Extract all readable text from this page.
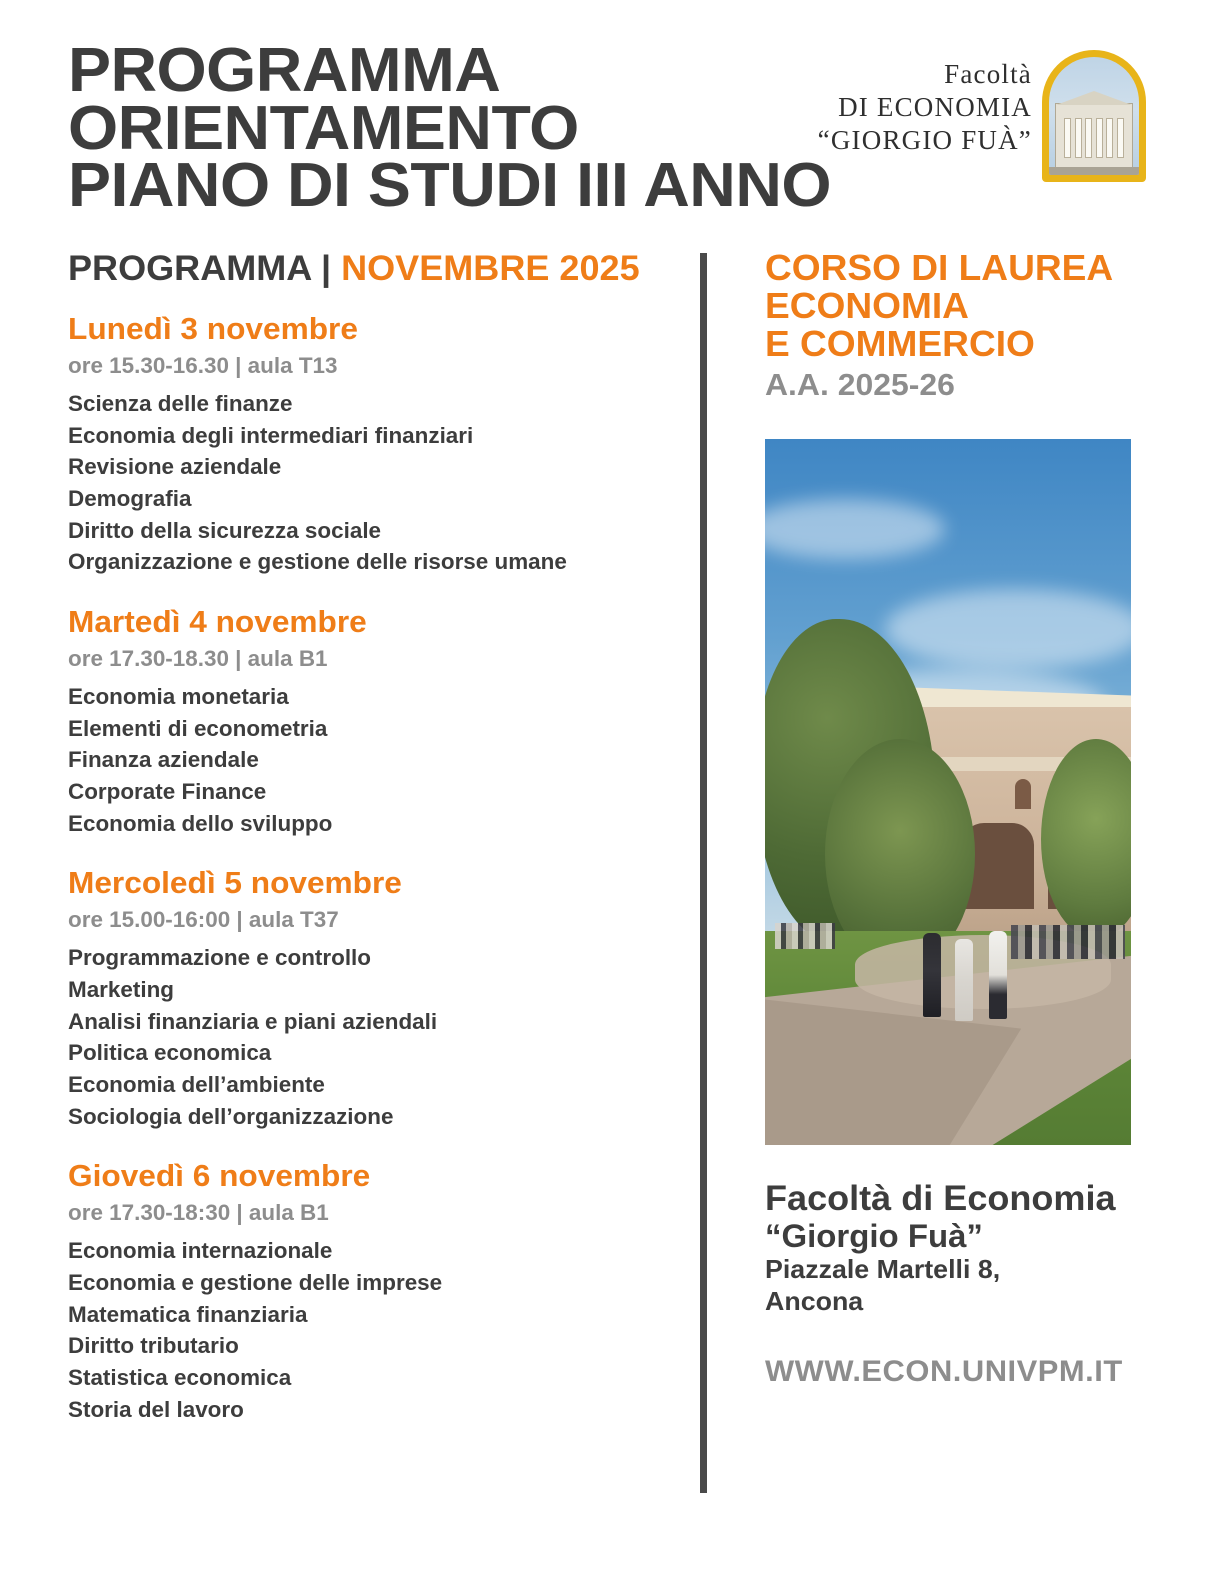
PROGRAMMA
ORIENTAMENTO
PIANO DI STUDI III ANNO
Facoltà
DI ECONOMIA
“GIORGIO FUÀ”
PROGRAMMA | NOVEMBRE 2025
Lunedì 3 novembre
ore 15.30-16.30 | aula T13
Scienza delle finanze
Economia degli intermediari finanziari
Revisione aziendale
Demografia
Diritto della sicurezza sociale
Organizzazione e gestione delle risorse umane
Martedì 4 novembre
ore 17.30-18.30 | aula B1
Economia monetaria
Elementi di econometria
Finanza aziendale
Corporate Finance
Economia dello sviluppo
Mercoledì 5 novembre
ore 15.00-16:00 | aula T37
Programmazione e controllo
Marketing
Analisi finanziaria e piani aziendali
Politica economica
Economia dell’ambiente
Sociologia dell’organizzazione
Giovedì 6 novembre
ore 17.30-18:30 | aula B1
Economia internazionale
Economia e gestione delle imprese
Matematica finanziaria
Diritto tributario
Statistica economica
Storia del lavoro
CORSO DI LAUREA
ECONOMIA
E COMMERCIO
A.A. 2025-26
Facoltà di Economia
“Giorgio Fuà”
Piazzale Martelli 8,
Ancona
WWW.ECON.UNIVPM.IT
